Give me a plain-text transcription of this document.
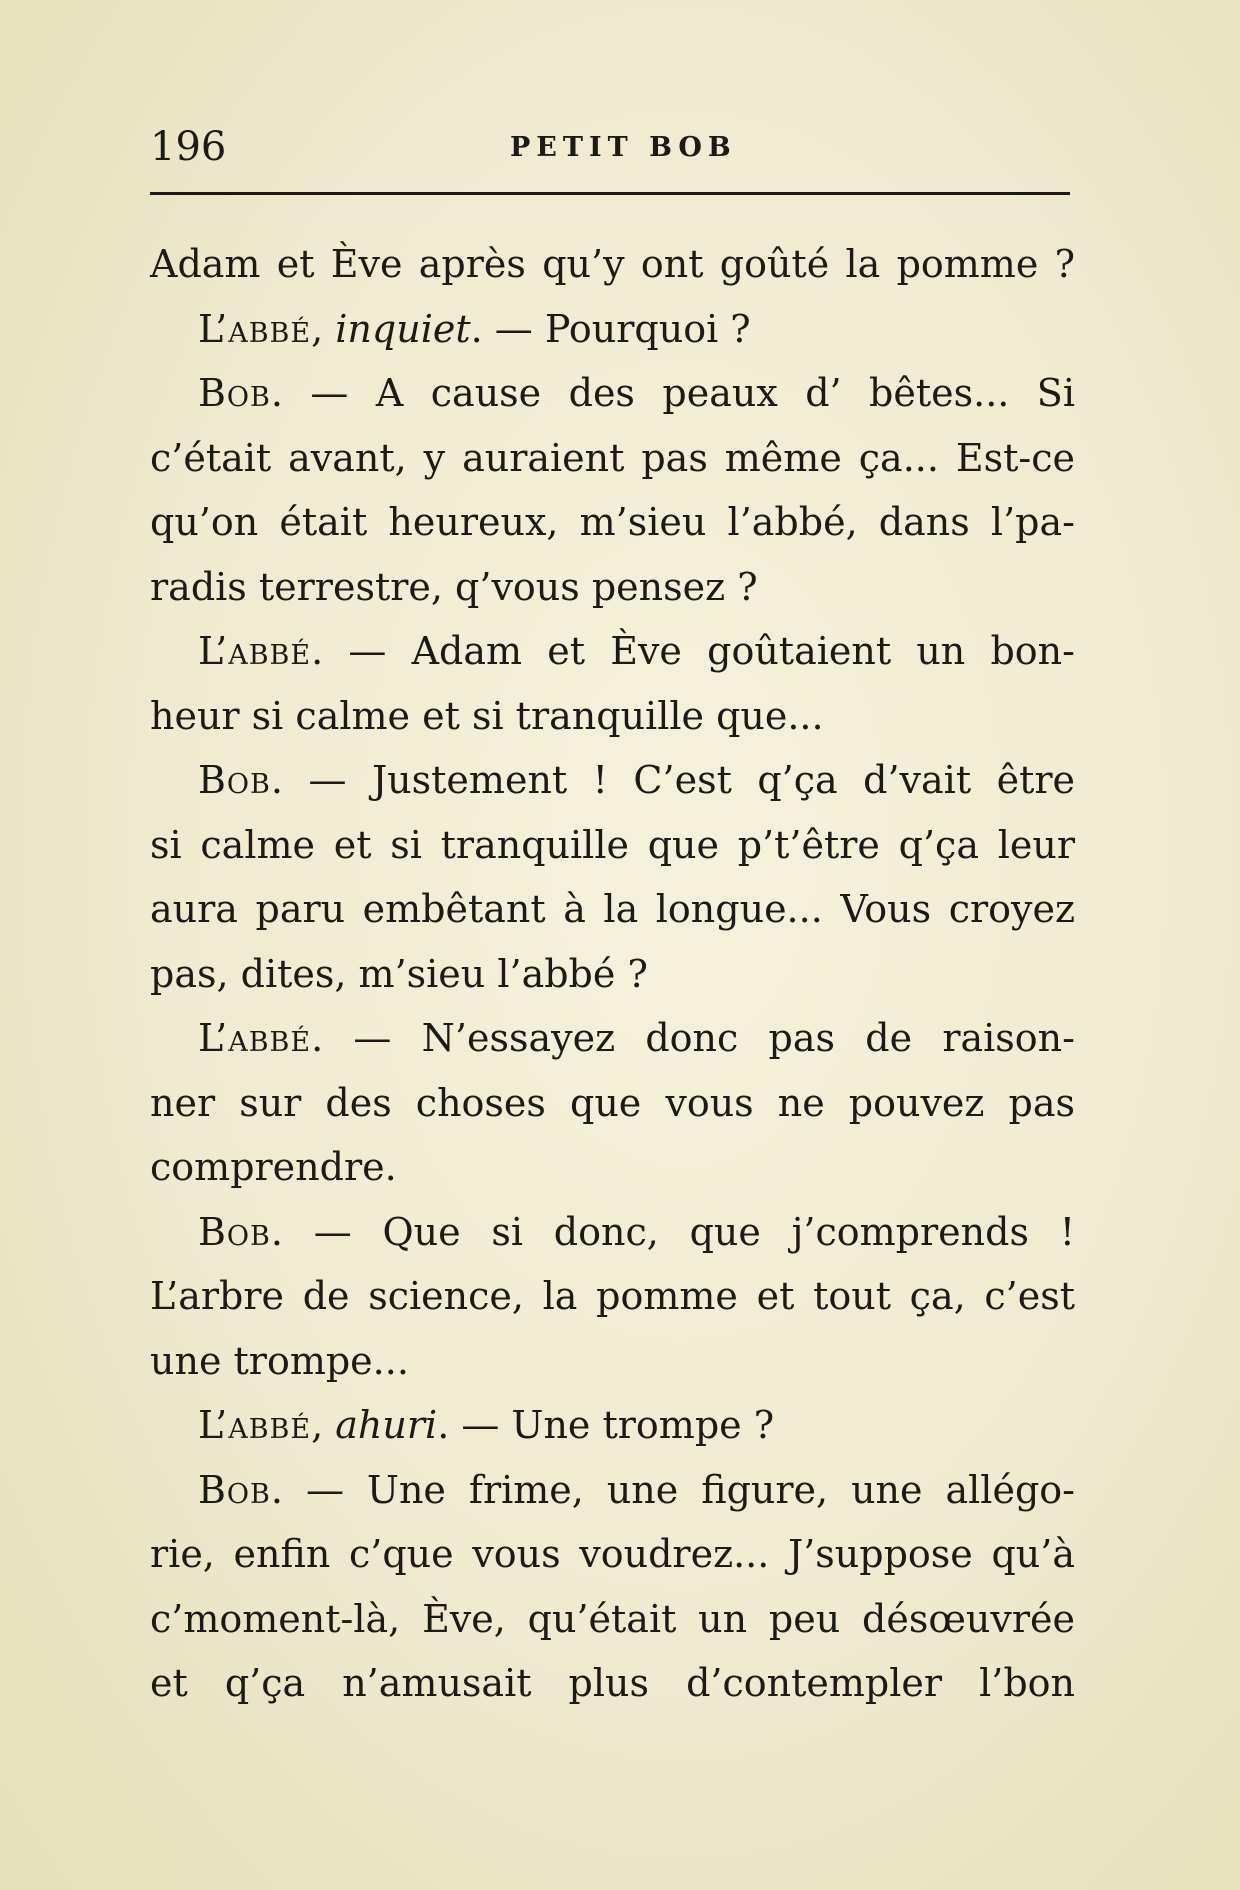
196	PETIT BOB
Adam et Ève après qu’y ont goûté la pomme ?
L’abbé, inquiet. — Pourquoi ?
Bob. — A cause des peaux d’ bêtes... Si
c’était avant, y auraient pas même ça... Est-ce
qu’on était heureux, m’sieu l’abbé, dans l’pa-
radis terrestre, q’vous pensez ?
L’abbé. — Adam et Ève goûtaient un bon-
heur si calme et si tranquille que...
Bob. — Justement ! C’est q’ça d’vait être
si calme et si tranquille que p’t’être q’ça leur
aura paru embêtant à la longue... Vous croyez
pas, dites, m’sieu l’abbé ?
L’abbé. — N’essayez donc pas de raison-
ner sur des choses que vous ne pouvez pas
comprendre.
Bob. — Que si donc, que j’comprends !
L’arbre de science, la pomme et tout ça, c’est
une trompe...
L’abbé, ahuri. — Une trompe ?
Bob. — Une frime, une figure, une allégo-
rie, enfin c’que vous voudrez... J’suppose qu’à
c’moment-là, Ève, qu’était un peu désœuvrée
et q’ça n’amusait plus d’contempler l’bon
